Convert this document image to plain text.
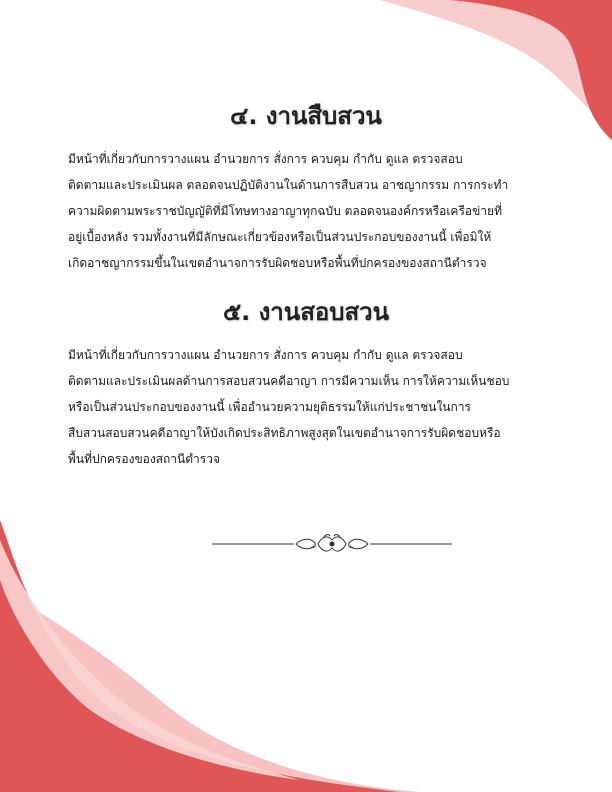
๔. งานสืบสวน

มีหน้าที่เกี่ยวกับการวางแผน อำนวยการ สั่งการ ควบคุม กำกับ ดูแล ตรวจสอบ
ติดตามและประเมินผล ตลอดจนปฏิบัติงานในด้านการสืบสวน อาชญากรรม การกระทำ
ความผิดตามพระราชบัญญัติที่มีโทษทางอาญาทุกฉบับ ตลอดจนองค์กรหรือเครือข่ายที่
อยู่เบื้องหลัง รวมทั้งงานที่มีลักษณะเกี่ยวข้องหรือเป็นส่วนประกอบของงานนี้ เพื่อมิให้
เกิดอาชญากรรมขึ้นในเขตอำนาจการรับผิดชอบหรือพื้นที่ปกครองของสถานีตำรวจ

๕. งานสอบสวน

มีหน้าที่เกี่ยวกับการวางแผน อำนวยการ สั่งการ ควบคุม กำกับ ดูแล ตรวจสอบ
ติดตามและประเมินผลด้านการสอบสวนคดีอาญา การมีความเห็น การให้ความเห็นชอบ
หรือเป็นส่วนประกอบของงานนี้ เพื่ออำนวยความยุติธรรมให้แก่ประชาชนในการ
สืบสวนสอบสวนคดีอาญาให้บังเกิดประสิทธิภาพสูงสุดในเขตอำนาจการรับผิดชอบหรือ
พื้นที่ปกครองของสถานีตำรวจ
